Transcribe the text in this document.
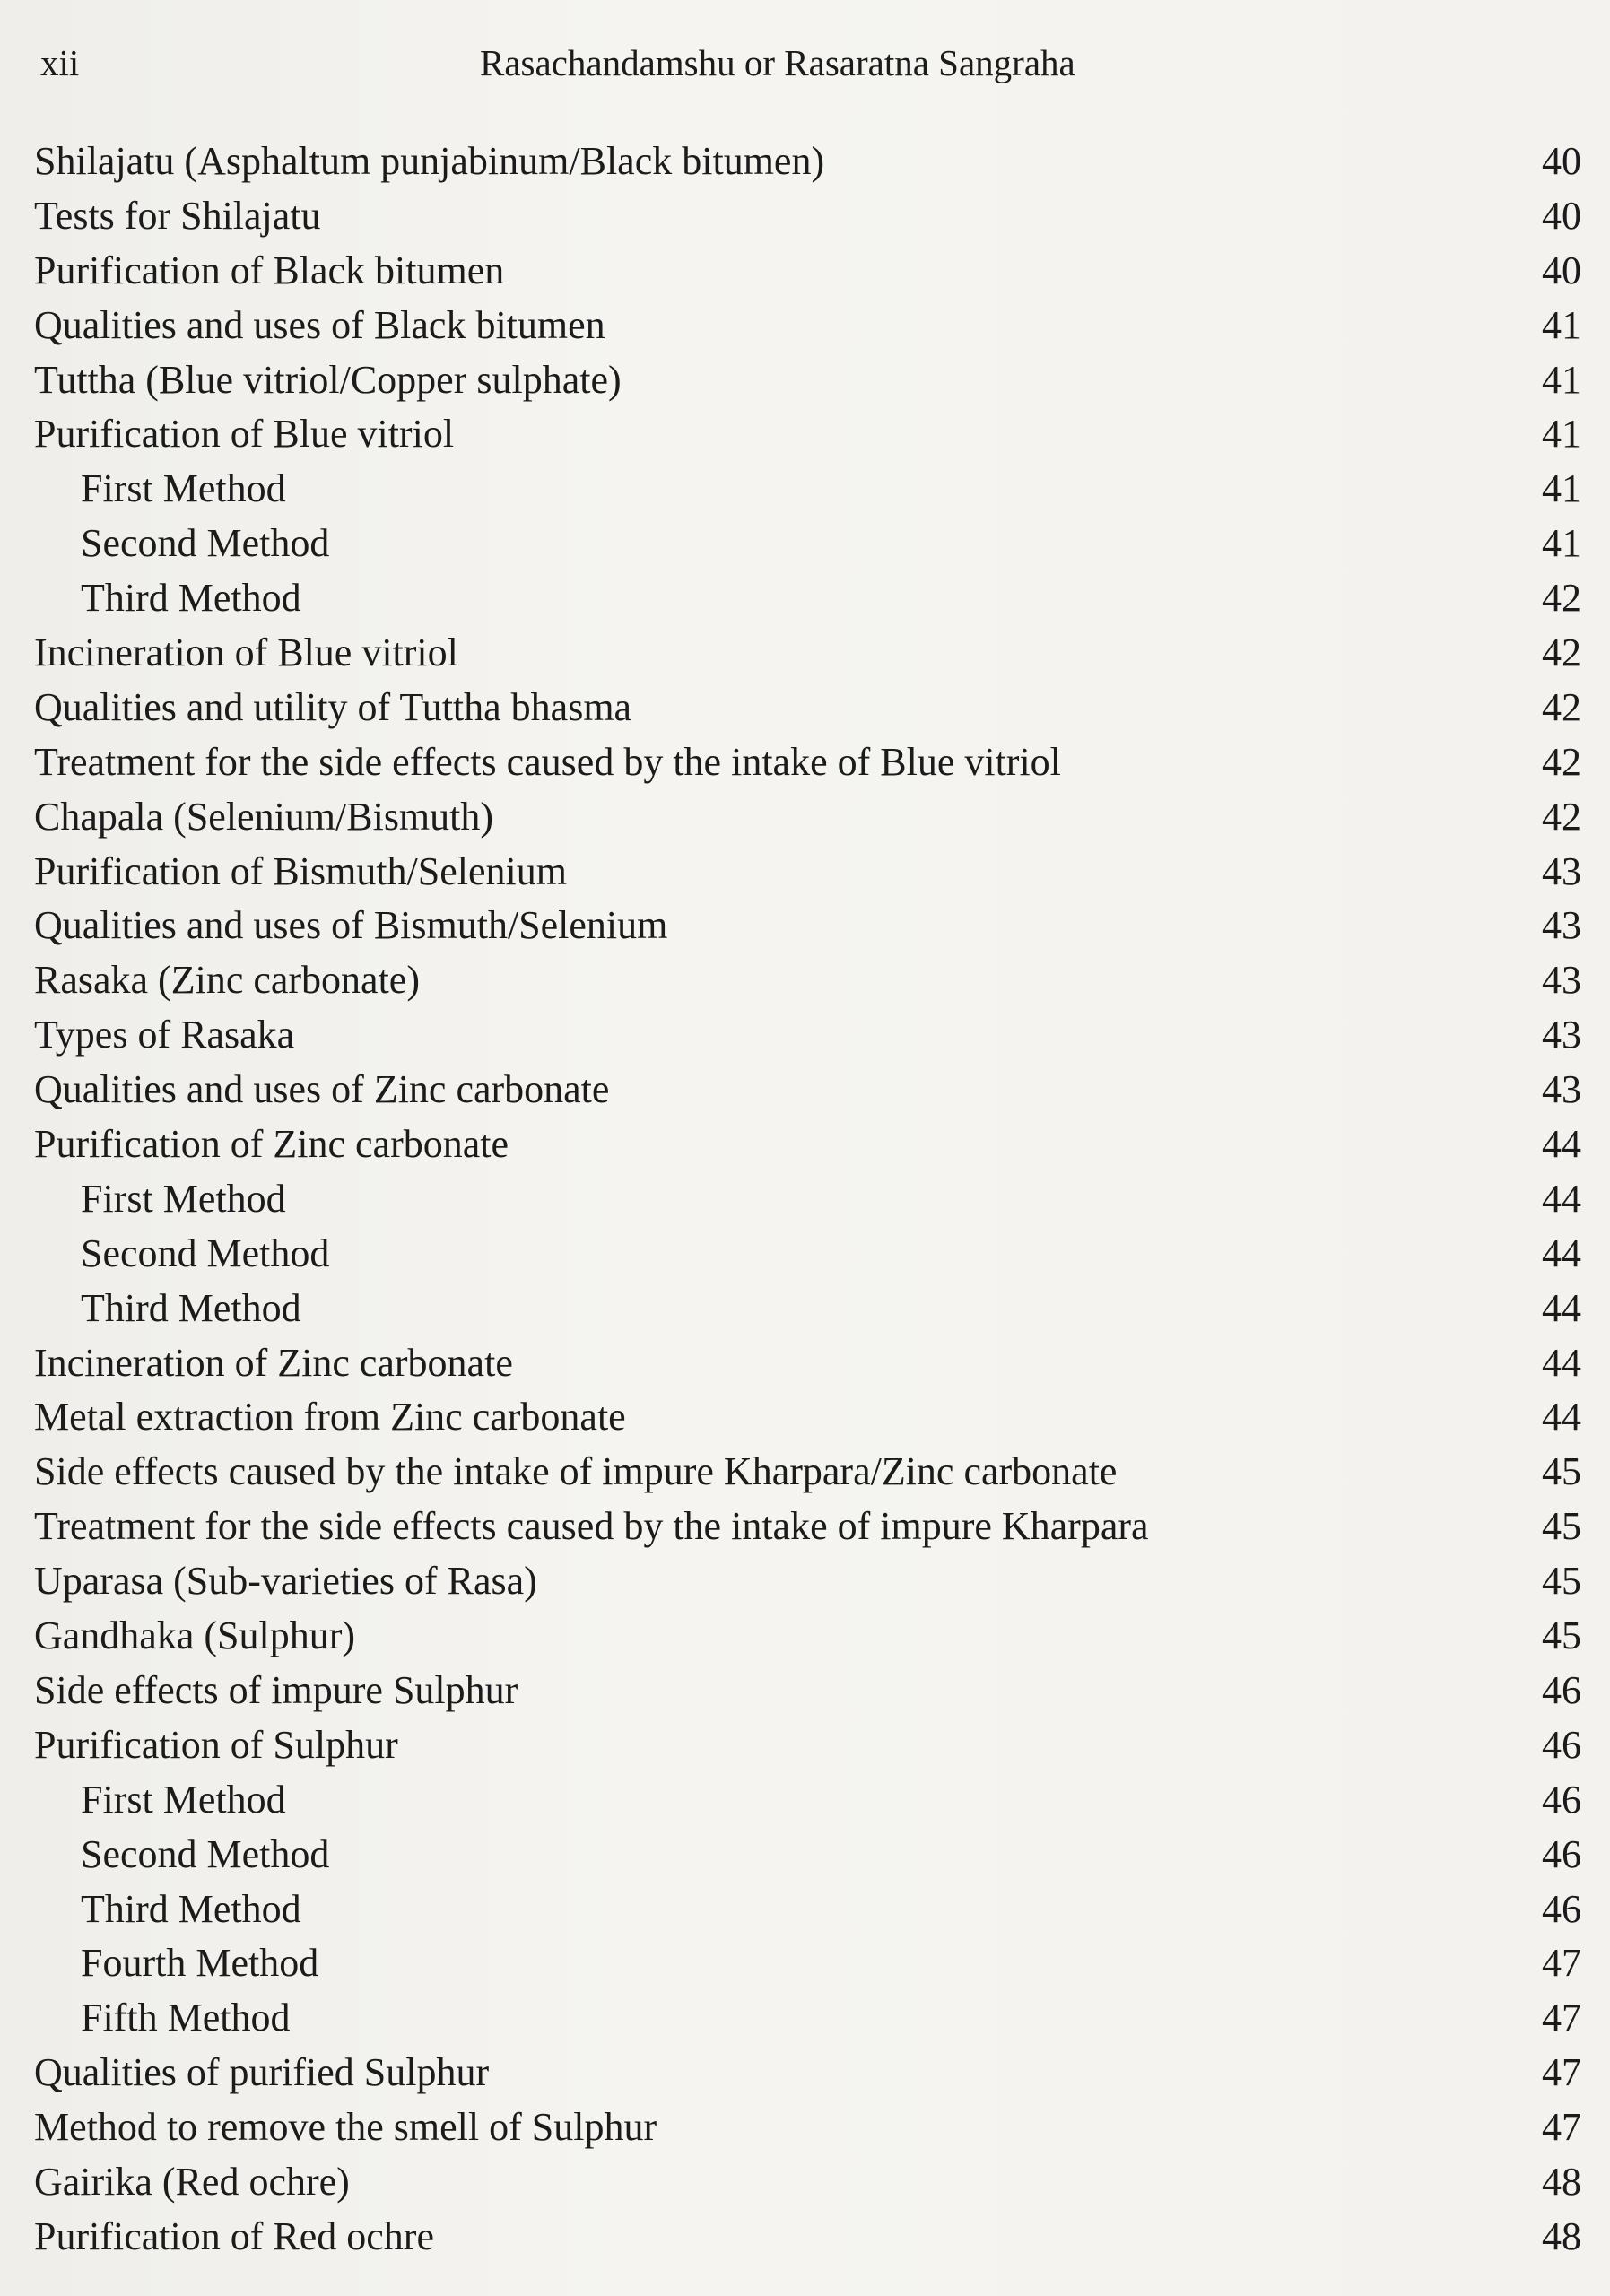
xii	Rasachandamshu or Rasaratna Sangraha
Shilajatu (Asphaltum punjabinum/Black bitumen)	40
Tests for Shilajatu	40
Purification of Black bitumen	40
Qualities and uses of Black bitumen	41
Tuttha (Blue vitriol/Copper sulphate)	41
Purification of Blue vitriol	41
First Method	41
Second Method	41
Third Method	42
Incineration of Blue vitriol	42
Qualities and utility of Tuttha bhasma	42
Treatment for the side effects caused by the intake of Blue vitriol	42
Chapala (Selenium/Bismuth)	42
Purification of Bismuth/Selenium	43
Qualities and uses of Bismuth/Selenium	43
Rasaka (Zinc carbonate)	43
Types of Rasaka	43
Qualities and uses of Zinc carbonate	43
Purification of Zinc carbonate	44
First Method	44
Second Method	44
Third Method	44
Incineration of Zinc carbonate	44
Metal extraction from Zinc carbonate	44
Side effects caused by the intake of impure Kharpara/Zinc carbonate	45
Treatment for the side effects caused by the intake of impure Kharpara	45
Uparasa (Sub-varieties of Rasa)	45
Gandhaka (Sulphur)	45
Side effects of impure Sulphur	46
Purification of Sulphur	46
First Method	46
Second Method	46
Third Method	46
Fourth Method	47
Fifth Method	47
Qualities of purified Sulphur	47
Method to remove the smell of Sulphur	47
Gairika (Red ochre)	48
Purification of Red ochre	48
